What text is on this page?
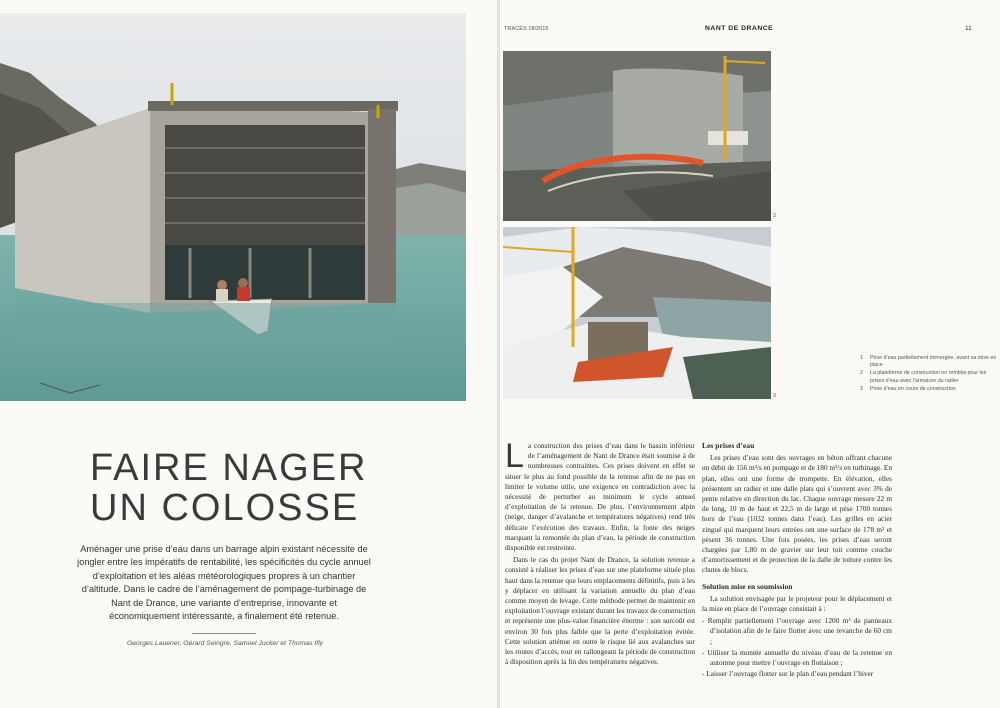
FAIRE NAGER
UN COLOSSE
Aménager une prise d’eau dans un barrage alpin existant nécessite de jongler entre les impératifs de rentabilité, les spécificités du cycle annuel d’exploitation et les aléas météorologiques propres à un chantier d’altitude. Dans le cadre de l’aménagement de pompage-turbinage de Nant de Drance, une variante d’entreprise, innovante et économiquement intéressante, a finalement été retenue.
Georges Lauener, Gérard Seingre, Samuel Jucker et Thomas Ifly
TRACÉS 18/2015	NANT DE DRANCE	11
2
3
1	Prise d’eau partiellement immergée, avant sa mise en place
2	La plateforme de construction en remblai pour les prises d’eau avec l’armature du radier
3	Prise d’eau en cours de construction

La construction des prises d’eau dans le bassin inférieur de l’aménagement de Nant de Drance était soumise à de nombreuses contraintes. Ces prises doivent en effet se situer le plus au fond possible de la retenue afin de ne pas en limiter le volume utile, une exigence en contradiction avec la nécessité de perturber au minimum le cycle annuel d’exploitation de la retenue. De plus, l’environnement alpin (neige, danger d’avalanche et températures négatives) rend très délicate l’exécution des travaux. Enfin, la fonte des neiges marquant la remontée du plan d’eau, la période de construction disponible est restreinte.

Dans le cas du projet Nant de Drance, la solution retenue a consisté à réaliser les prises d’eau sur une plateforme située plus haut dans la retenue que leurs emplacements définitifs, puis à les y déplacer en utilisant la variation annuelle du plan d’eau comme moyen de levage. Cette méthode permet de maintenir en exploitation l’ouvrage existant durant les travaux de construction et représente une plus-value financière énorme : son surcoût est environ 30 fois plus faible que la perte d’exploitation évitée. Cette solution atténue en outre le risque lié aux avalanches sur les routes d’accès, tout en rallongeant la période de construction à disposition après la fin des températures négatives.

Les prises d’eau

Les prises d’eau sont des ouvrages en béton offrant chacune un débit de 156 m³/s en pompage et de 180 m³/s en turbinage. En plan, elles ont une forme de trompette. En élévation, elles présentent un radier et une dalle plats qui s’ouvrent avec 3% de pente relative en direction du lac. Chaque ouvrage mesure 22 m de long, 10 m de haut et 22,5 m de large et pèse 1700 tonnes hors de l’eau (1032 tonnes dans l’eau). Les grilles en acier zingué qui marquent leurs entrées ont une surface de 178 m² et pèsent 36 tonnes. Une fois posées, les prises d’eau seront chargées par 1,80 m de gravier sur leur toit comme couche d’amortissement et de protection de la dalle de toiture contre les chutes de blocs.

Solution mise en soumission

La solution envisagée par le projeteur pour le déplacement et la mise en place de l’ouvrage consistait à :

- Remplir partiellement l’ouvrage avec 1200 m³ de panneaux d’isolation afin de le faire flotter avec une revanche de 60 cm ;
- Utiliser la montée annuelle du niveau d’eau de la retenue en automne pour mettre l’ouvrage en flottaison ;
- Laisser l’ouvrage flotter sur le plan d’eau pendant l’hiver
